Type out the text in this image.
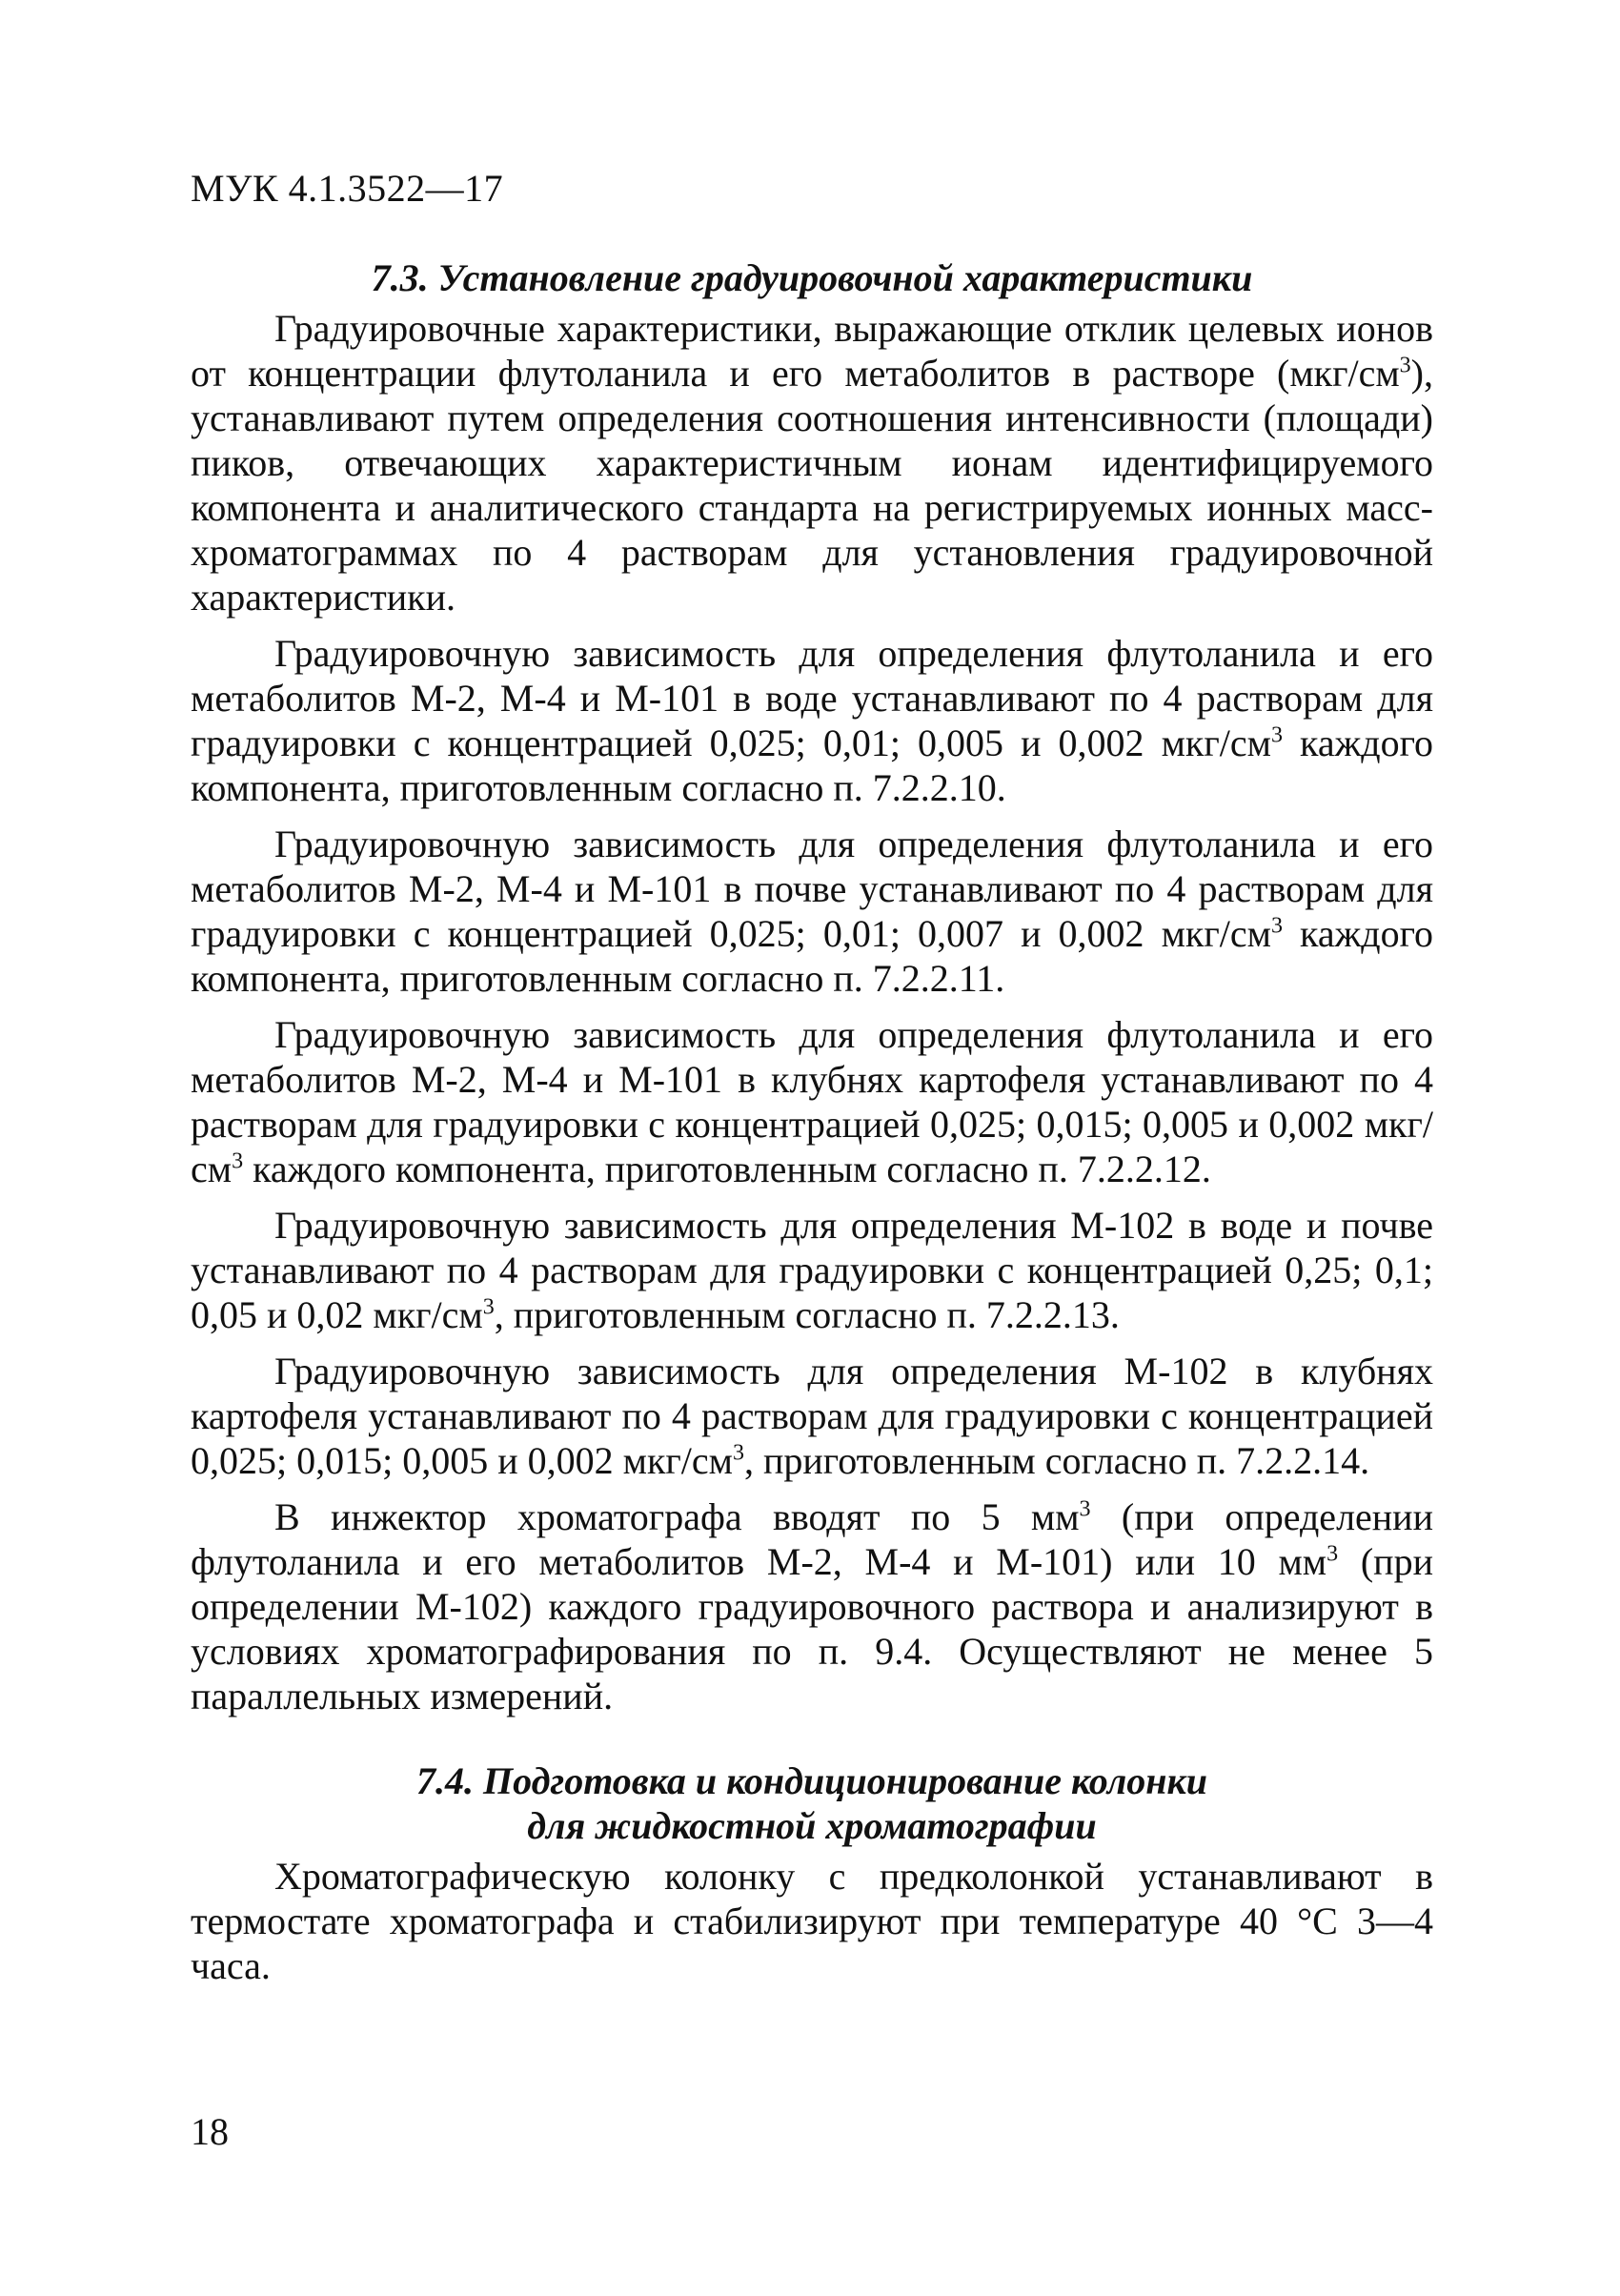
МУК 4.1.3522—17
7.3. Установление градуировочной характеристики

Градуировочные характеристики, выражающие отклик целевых ионов от концентрации флутоланила и его метаболитов в растворе $(мкг/см^3)$, устанавливают путем определения соотношения интенсивности (площади) пиков, отвечающих характеристичным ионам идентифицируемого компонента и аналитического стандарта на регистрируемых ионных масс-хроматограммах по 4 растворам для установления градуировочной характеристики.

Градуировочную зависимость для определения флутоланила и его метаболитов М-2, М-4 и М-101 в воде устанавливают по 4 растворам для градуировки с концентрацией 0,025; 0,01; 0,005 и 0,002 мкг/$см^3$ каждого компонента, приготовленным согласно п. 7.2.2.10.

Градуировочную зависимость для определения флутоланила и его метаболитов М-2, М-4 и М-101 в почве устанавливают по 4 растворам для градуировки с концентрацией 0,025; 0,01; 0,007 и 0,002 мкг/$см^3$ каждого компонента, приготовленным согласно п. 7.2.2.11.

Градуировочную зависимость для определения флутоланила и его метаболитов М-2, М-4 и М-101 в клубнях картофеля устанавливают по 4 растворам для градуировки с концентрацией 0,025; 0,015; 0,005 и 0,002 мкг/$см^3$ каждого компонента, приготовленным согласно п. 7.2.2.12.

Градуировочную зависимость для определения М-102 в воде и почве устанавливают по 4 растворам для градуировки с концентрацией 0,25; 0,1; 0,05 и 0,02 мкг/$см^3$, приготовленным согласно п. 7.2.2.13.

Градуировочную зависимость для определения М-102 в клубнях картофеля устанавливают по 4 растворам для градуировки с концентрацией 0,025; 0,015; 0,005 и 0,002 мкг/$см^3$, приготовленным согласно п. 7.2.2.14.

В инжектор хроматографа вводят по 5 $мм^3$ (при определении флутоланила и его метаболитов М-2, М-4 и М-101) или 10 $мм^3$ (при определении М-102) каждого градуировочного раствора и анализируют в условиях хроматографирования по п. 9.4. Осуществляют не менее 5 параллельных измерений.

7.4. Подготовка и кондиционирование колонки
для жидкостной хроматографии

Хроматографическую колонку с предколонкой устанавливают в термостате хроматографа и стабилизируют при температуре 40 °С 3—4 часа.

18
